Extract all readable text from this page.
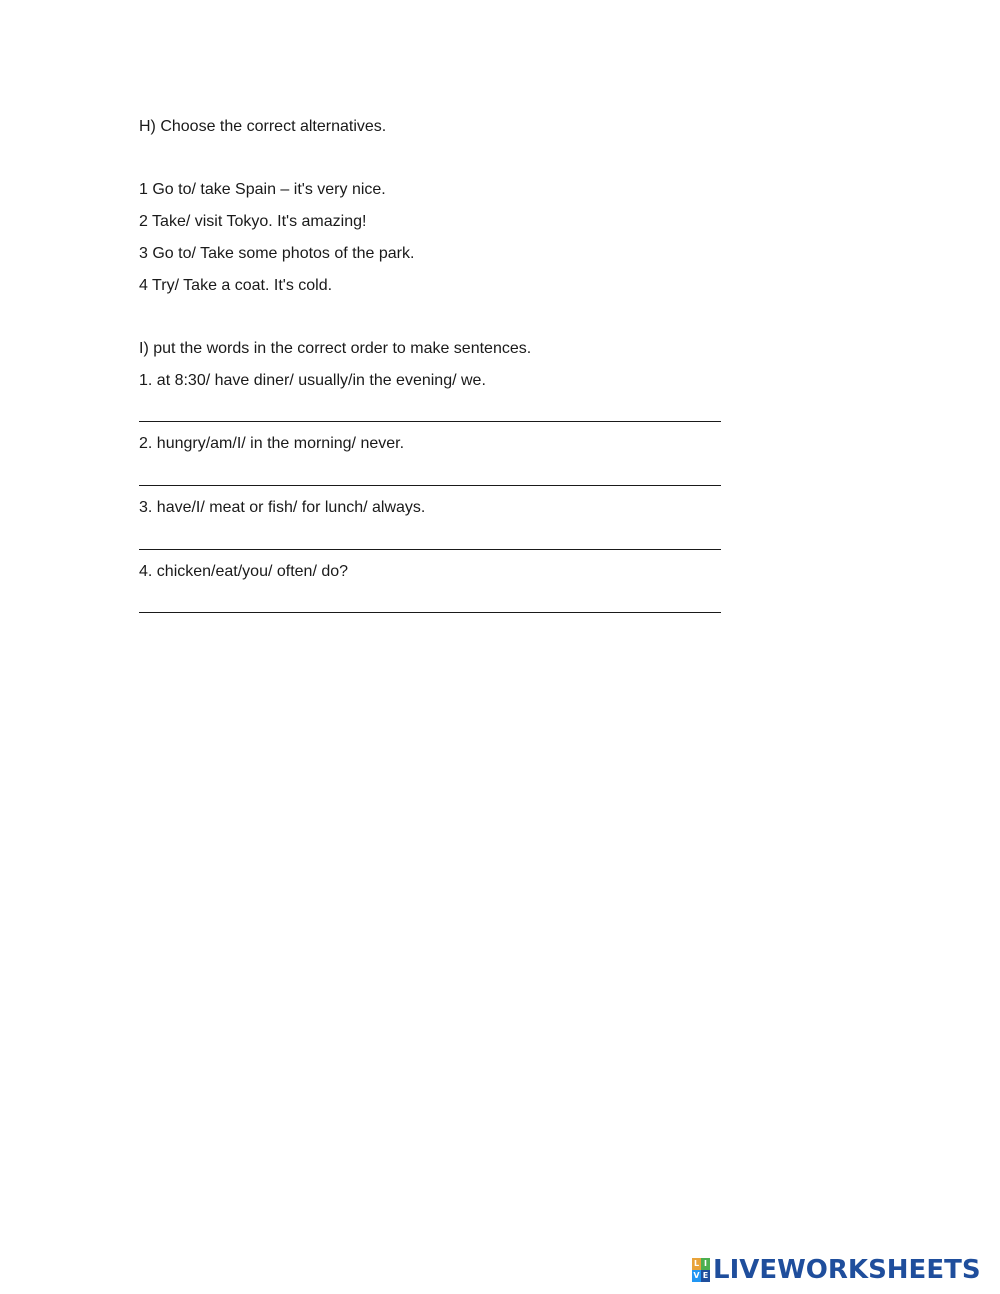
H) Choose the correct alternatives.
1 Go to/ take Spain – it's very nice.
2 Take/ visit Tokyo. It's amazing!
3 Go to/ Take some photos of the park.
4 Try/ Take a coat. It's cold.
I) put the words in the correct order to make sentences.
1. at 8:30/ have diner/ usually/in the evening/ we.
2. hungry/am/I/ in the morning/ never.
3. have/I/ meat or fish/ for lunch/ always.
4. chicken/eat/you/ often/ do?
L I
V E LIVEWORKSHEETS
